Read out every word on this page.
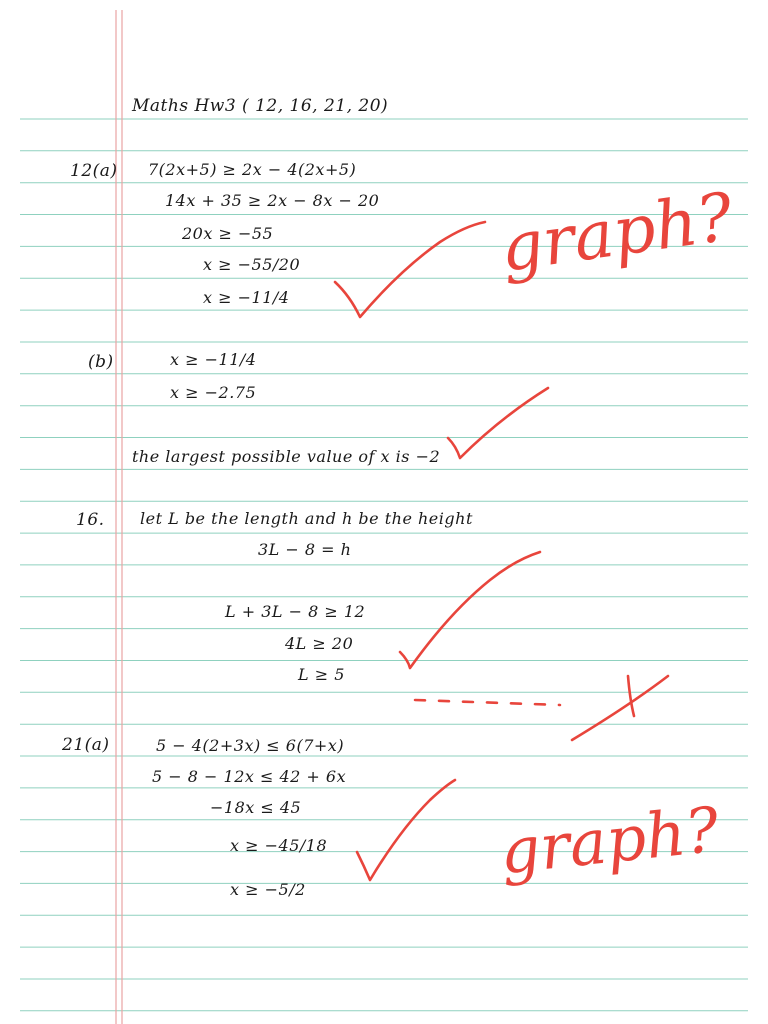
Maths Hw3 ( 12, 16, 21, 20)
12(a) 7(2x+5) ≥ 2x − 4(2x+5)
14x + 35 ≥ 2x − 8x − 20
20x ≥ −55
x ≥ −55/20
x ≥ −11/4
(b)	x ≥ −11/4
x ≥ −2.75
the largest possible value of x is −2
16. let L be the length and h be the height
3L − 8 = h
L + 3L − 8 ≥ 12
4L ≥ 20
L ≥ 5
21(a)	5 − 4(2+3x) ≤ 6(7+x)
5 − 8 − 12x ≤ 42 + 6x
−18x ≤ 45
x ≥ −45/18
x ≥ −5/2
graph?
graph?
